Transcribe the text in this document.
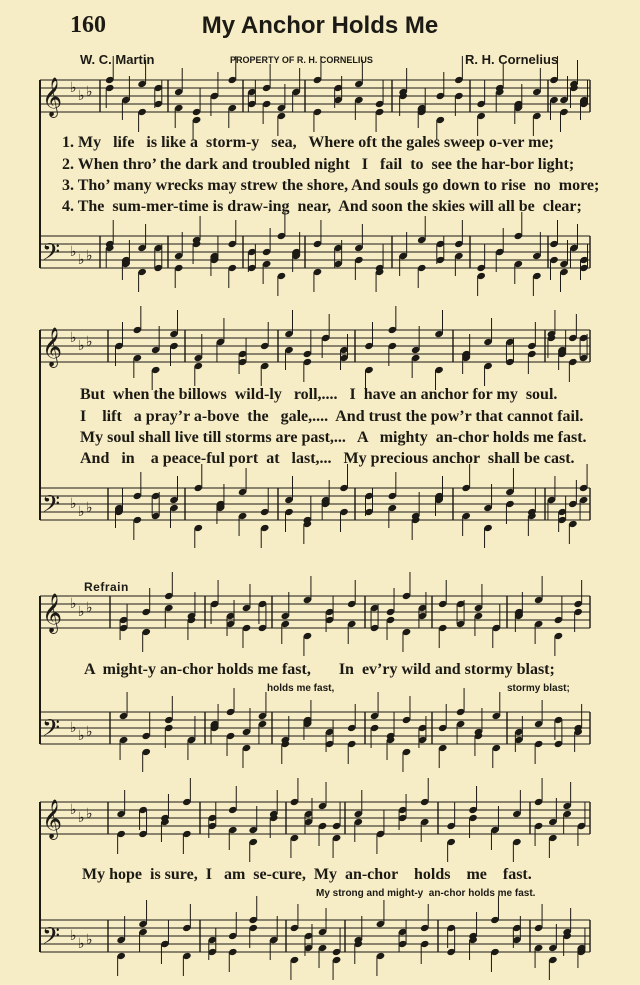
160	My Anchor Holds Me
W. C. Martin	PROPERTY OF R. H. CORNELIUS	R. H. Cornelius
𝄞 ♭ ♭ ♭
𝄢 ♭ ♭ ♭
𝄞 ♭ ♭ ♭
𝄢 ♭ ♭ ♭
𝄞 ♭ ♭ ♭
𝄢 ♭ ♭ ♭
𝄞 ♭ ♭ ♭
𝄢 ♭ ♭ ♭
1. My   life   is like a  storm-y   sea,   Where oft the gales sweep o-ver me;
2. When thro’ the dark and troubled night   I   fail  to  see the har-bor light;
3. Tho’ many wrecks may strew the shore, And souls go down to rise  no  more;
4. The  sum-mer-time is draw-ing  near,  And soon the skies will all be  clear;
But  when the billows  wild-ly   roll,....   I  have an anchor for my  soul.
I    lift   a pray’r a-bove  the   gale,....  And trust the pow’r that cannot fail.
My soul shall live till storms are past,...   A   mighty  an-chor holds me fast.
And   in    a peace-ful port  at   last,...   My precious anchor  shall be cast.
Refrain
A  might-y an-chor holds me fast,       In  ev’ry wild and stormy blast;
holds me fast,	stormy blast;
My hope  is sure,  I   am  se-cure,  My  an-chor    holds    me    fast.
My strong and might-y  an-chor holds me fast.
